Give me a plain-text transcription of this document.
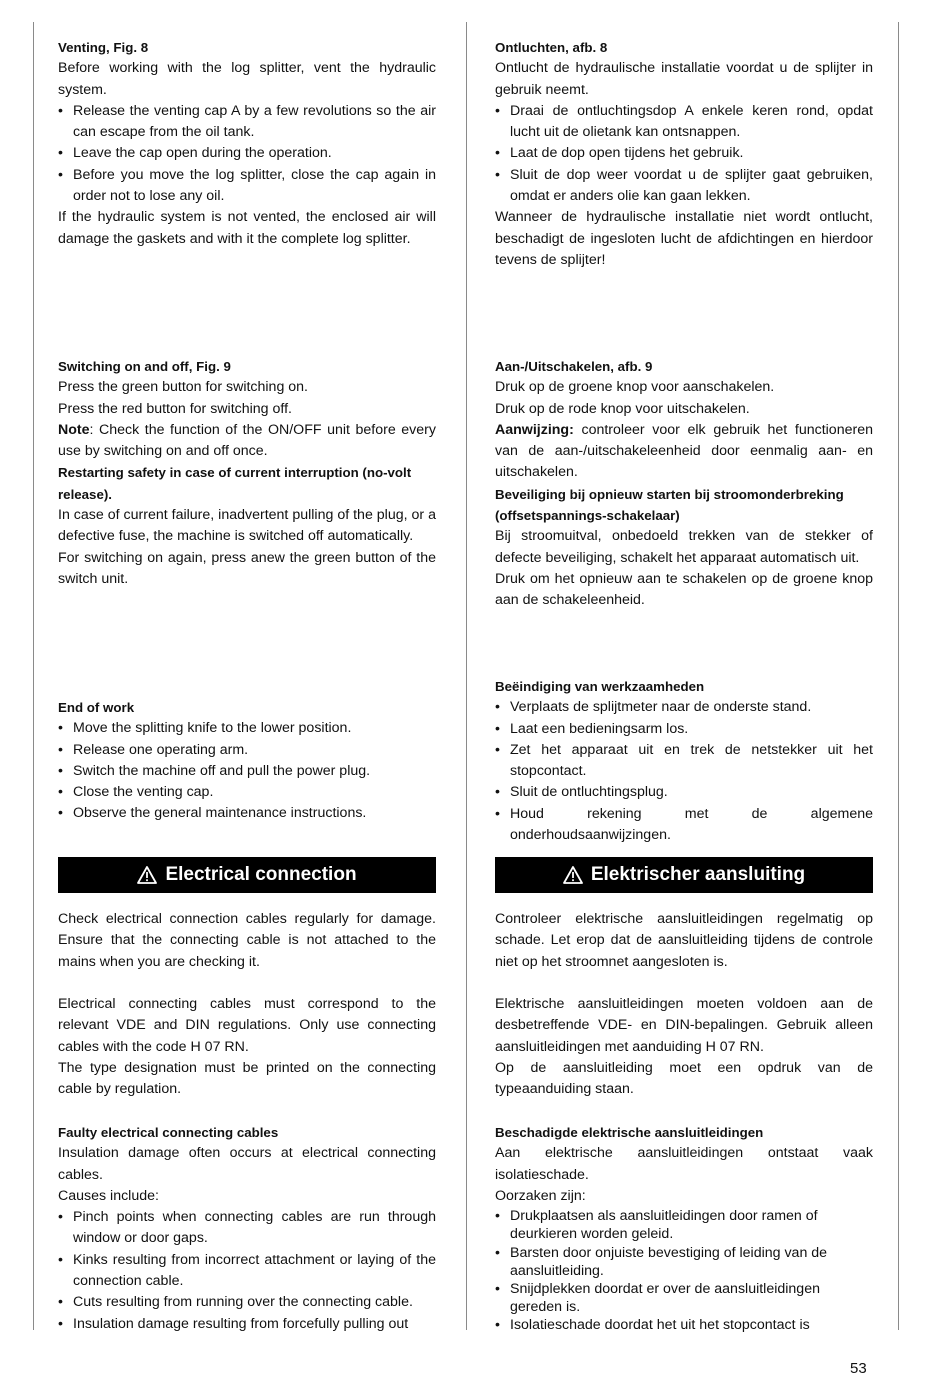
Venting, Fig. 8

Before working with the log splitter, vent the hydraulic system.

• Release the venting cap A by a few revolutions so the air can escape from the oil tank.
• Leave the cap open during the operation.
• Before you move the log splitter, close the cap again in order not to lose any oil.

If the hydraulic system is not vented, the enclosed air will damage the gaskets and with it the complete log splitter.

Ontluchten, afb. 8

Ontlucht de hydraulische installatie voordat u de splijter in gebruik neemt.

• Draai de ontluchtingsdop A enkele keren rond, opdat lucht uit de olietank kan ontsnappen.
• Laat de dop open tijdens het gebruik.
• Sluit de dop weer voordat u de splijter gaat gebruiken, omdat er anders olie kan gaan lekken.

Wanneer de hydraulische installatie niet wordt ontlucht, beschadigt de ingesloten lucht de afdichtingen en hierdoor tevens de splijter!

Switching on and off, Fig. 9

Press the green button for switching on.

Press the red button for switching off.

Note: Check the function of the ON/OFF unit before every use by switching on and off once.

Restarting safety in case of current interruption (no-volt release).

In case of current failure, inadvertent pulling of the plug, or a defective fuse, the machine is switched off automatically.

For switching on again, press anew the green button of the switch unit.

Aan-/Uitschakelen, afb. 9

Druk op de groene knop voor aanschakelen.

Druk op de rode knop voor uitschakelen.

Aanwijzing: controleer voor elk gebruik het functioneren van de aan-/uitschakeleenheid door eenmalig aan- en uitschakelen.

Beveiliging bij opnieuw starten bij stroomonderbreking (offsetspannings-schakelaar)

Bij stroomuitval, onbedoeld trekken van de stekker of defecte beveiliging, schakelt het apparaat automatisch uit.

Druk om het opnieuw aan te schakelen op de groene knop aan de schakeleenheid.

End of work

• Move the splitting knife to the lower position.
• Release one operating arm.
• Switch the machine off and pull the power plug.
• Close the venting cap.
• Observe the general maintenance instructions.

Beëindiging van werkzaamheden

• Verplaats de splijtmeter naar de onderste stand.
• Laat een bedieningsarm los.
• Zet het apparaat uit en trek de netstekker uit het stopcontact.
• Sluit de ontluchtingsplug.
• Houd rekening met de algemene onderhoudsaanwijzingen.
Electrical connection	Elektrischer aansluiting

Check electrical connection cables regularly for damage. Ensure that the connecting cable is not attached to the mains when you are checking it.

Electrical connecting cables must correspond to the relevant VDE and DIN regulations. Only use connecting cables with the code H 07 RN.

The type designation must be printed on the connecting cable by regulation.

Faulty electrical connecting cables

Insulation damage often occurs at electrical connecting cables.

Causes include:

• Pinch points when connecting cables are run through window or door gaps.
• Kinks resulting from incorrect attachment or laying of the connection cable.
• Cuts resulting from running over the connecting cable.
• Insulation damage resulting from forcefully pulling out

Controleer elektrische aansluitleidingen regelmatig op schade. Let erop dat de aansluitleiding tijdens de controle niet op het stroomnet aangesloten is.

Elektrische aansluitleidingen moeten voldoen aan de desbetreffende VDE- en DIN-bepalingen. Gebruik alleen aansluitleidingen met aanduiding H 07 RN.

Op de aansluitleiding moet een opdruk van de typeaanduiding staan.

Beschadigde elektrische aansluitleidingen

Aan elektrische aansluitleidingen ontstaat vaak isolatieschade.

Oorzaken zijn:

• Drukplaatsen als aansluitleidingen door ramen of deurkieren worden geleid.
• Barsten door onjuiste bevestiging of leiding van de aansluitleiding.
• Snijdplekken doordat er over de aansluitleidingen gereden is.
• Isolatieschade doordat het uit het stopcontact is
53
